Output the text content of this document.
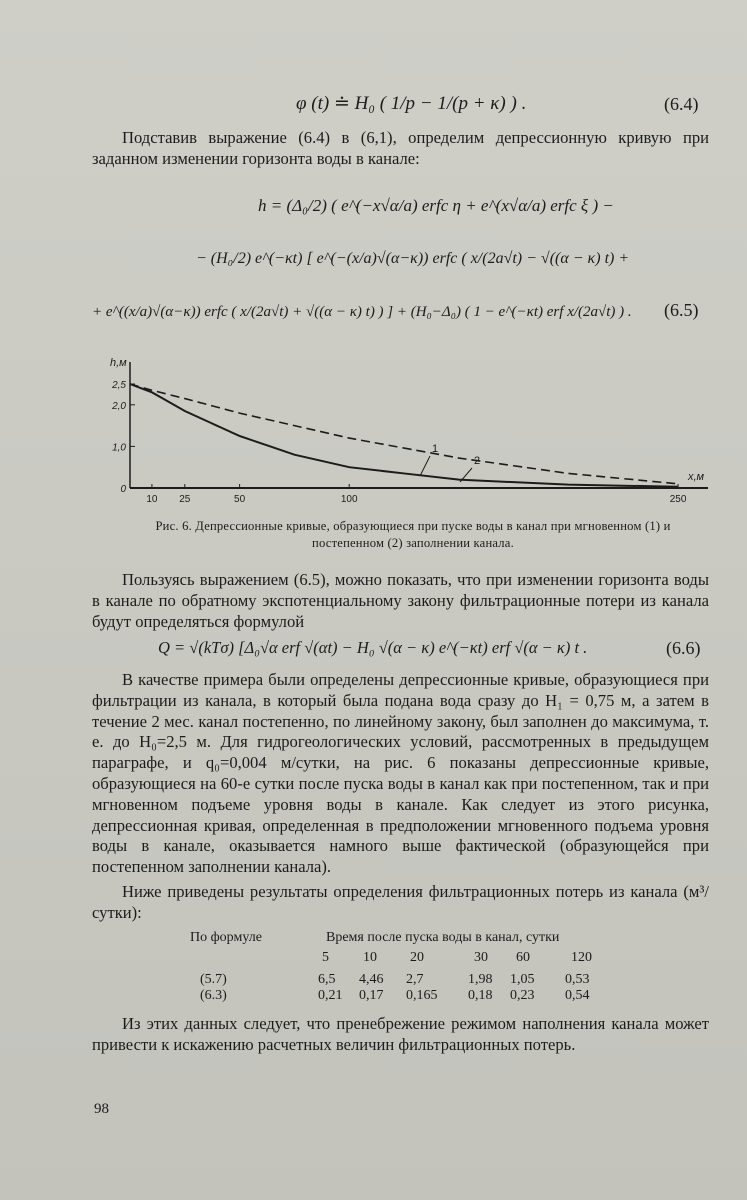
φ (t) ≐ H₀ ( 1/p − 1/(p + κ) ) .	(6.4)
Подставив выражение (6.4) в (6,1), определим депрессионную кривую при заданном изменении горизонта воды в канале:
h = (Δ₀/2) ( e^(−x√α/a) erfc η + e^(x√α/a) erfc ξ ) −
− (H₀/2) e^(−κt) [ e^(−(x/a)√(α−κ)) erfc ( x/(2a√t) − √((α − κ) t) +
+ e^((x/a)√(α−κ)) erfc ( x/(2a√t) + √((α − κ) t) ) ] + (H₀−Δ₀) ( 1 − e^(−κt) erf x/(2a√t) ) . (6.5)
2,5
2,0
1,0
0
10 25	50	100	250
h,м
x,м
1
2
Рис. 6. Депрессионные кривые, образующиеся при пуске воды в канал при мгновенном (1) и постепенном (2) заполнении канала.
Пользуясь выражением (6.5), можно показать, что при изменении горизонта воды в канале по обратному экспотенциальному закону фильтрационные потери из канала будут определяться формулой
Q = √(kTσ) [Δ₀√α erf √(αt) − H₀ √(α − κ) e^(−κt) erf √(α − κ) t .	(6.6)
В качестве примера были определены депрессионные кривые, образующиеся при фильтрации из канала, в который была подана вода сразу до H₁ = 0,75 м, а затем в течение 2 мес. канал постепенно, по линейному закону, был заполнен до максимума, т. е. до H₀=2,5 м. Для гидрогеологических условий, рассмотренных в предыдущем параграфе, и q₀=0,004 м/сутки, на рис. 6 показаны депрессионные кривые, образующиеся на 60-е сутки после пуска воды в канал как при постепенном, так и при мгновенном подъеме уровня воды в канале. Как следует из этого рисунка, депрессионная кривая, определенная в предположении мгновенного подъема уровня воды в канале, оказывается намного выше фактической (образующейся при постепенном заполнении канала).
Ниже приведены результаты определения фильтрационных потерь из канала (м³/сутки):
По формуле	Время после пуска воды в канал, сутки
5 10 20	30 60	120
(5.7)	6,5 4,46 2,7	1,98 1,05 0,53
(6.3)	0,21 0,17 0,165 0,18 0,23 0,54
Из этих данных следует, что пренебрежение режимом наполнения канала может привести к искажению расчетных величин фильтрационных потерь.
98
